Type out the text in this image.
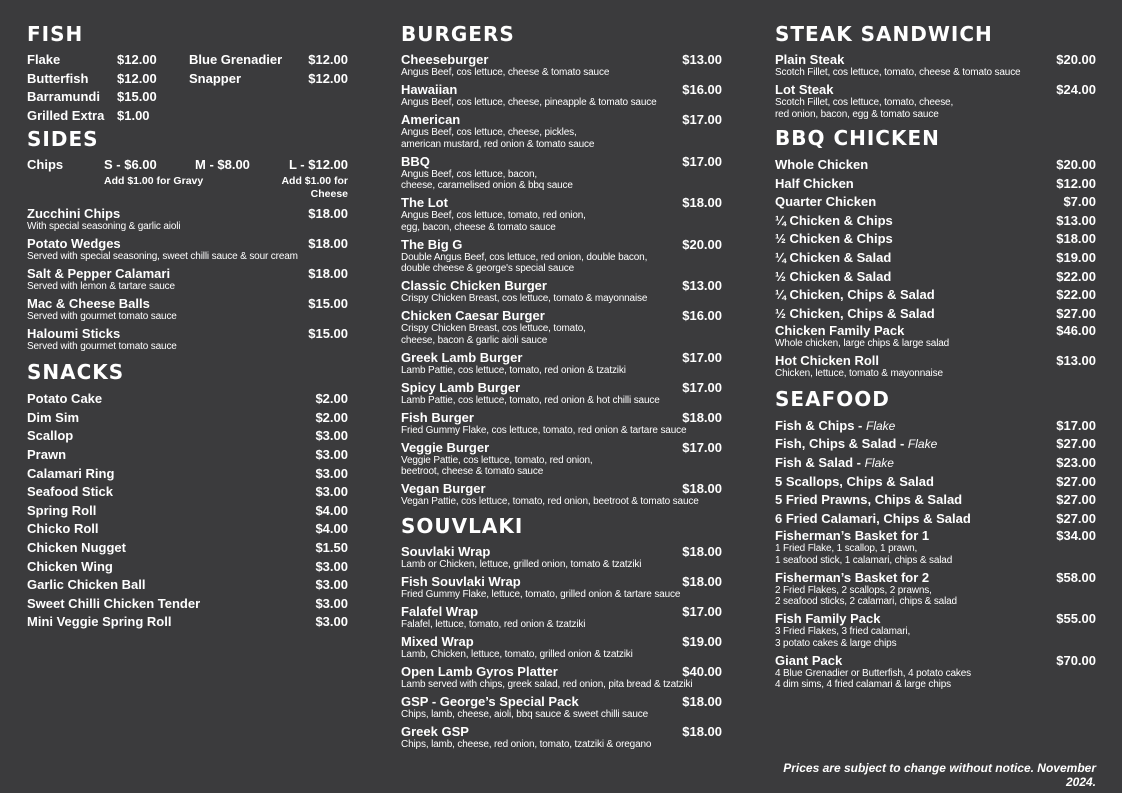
FISH
Flake	$12.00	Blue Grenadier	$12.00
Butterfish	$12.00	Snapper	$12.00
Barramundi	$15.00
Grilled Extra $1.00
SIDES
Chips	S - $6.00	M - $8.00	L - $12.00
Add $1.00 for Gravy	Add $1.00 for Cheese
Zucchini Chips	$18.00
With special seasoning & garlic aioli
Potato Wedges	$18.00
Served with special seasoning, sweet chilli sauce & sour cream
Salt & Pepper Calamari	$18.00
Served with lemon & tartare sauce
Mac & Cheese Balls	$15.00
Served with gourmet tomato sauce
Haloumi Sticks	$15.00
Served with gourmet tomato sauce
SNACKS
Potato Cake	$2.00
Dim Sim	$2.00
Scallop	$3.00
Prawn	$3.00
Calamari Ring	$3.00
Seafood Stick	$3.00
Spring Roll	$4.00
Chicko Roll	$4.00
Chicken Nugget	$1.50
Chicken Wing	$3.00
Garlic Chicken Ball	$3.00
Sweet Chilli Chicken Tender	$3.00
Mini Veggie Spring Roll	$3.00
BURGERS
Cheeseburger	$13.00
Angus Beef, cos lettuce, cheese & tomato sauce
Hawaiian	$16.00
Angus Beef, cos lettuce, cheese, pineapple & tomato sauce
American	$17.00
Angus Beef, cos lettuce, cheese, pickles,
american mustard, red onion & tomato sauce
BBQ	$17.00
Angus Beef, cos lettuce, bacon,
cheese, caramelised onion & bbq sauce
The Lot	$18.00
Angus Beef, cos lettuce, tomato, red onion,
egg, bacon, cheese & tomato sauce
The Big G	$20.00
Double Angus Beef, cos lettuce, red onion, double bacon,
double cheese & george's special sauce
Classic Chicken Burger	$13.00
Crispy Chicken Breast, cos lettuce, tomato & mayonnaise
Chicken Caesar Burger	$16.00
Crispy Chicken Breast, cos lettuce, tomato,
cheese, bacon & garlic aioli sauce
Greek Lamb Burger	$17.00
Lamb Pattie, cos lettuce, tomato, red onion & tzatziki
Spicy Lamb Burger	$17.00
Lamb Pattie, cos lettuce, tomato, red onion & hot chilli sauce
Fish Burger	$18.00
Fried Gummy Flake, cos lettuce, tomato, red onion & tartare sauce
Veggie Burger	$17.00
Veggie Pattie, cos lettuce, tomato, red onion,
beetroot, cheese & tomato sauce
Vegan Burger	$18.00
Vegan Pattie, cos lettuce, tomato, red onion, beetroot & tomato sauce
SOUVLAKI
Souvlaki Wrap	$18.00
Lamb or Chicken, lettuce, grilled onion, tomato & tzatziki
Fish Souvlaki Wrap	$18.00
Fried Gummy Flake, lettuce, tomato, grilled onion & tartare sauce
Falafel Wrap	$17.00
Falafel, lettuce, tomato, red onion & tzatziki
Mixed Wrap	$19.00
Lamb, Chicken, lettuce, tomato, grilled onion & tzatziki
Open Lamb Gyros Platter	$40.00
Lamb served with chips, greek salad, red onion, pita bread & tzatziki
GSP - George’s Special Pack	$18.00
Chips, lamb, cheese, aioli, bbq sauce & sweet chilli sauce
Greek GSP	$18.00
Chips, lamb, cheese, red onion, tomato, tzatziki & oregano
STEAK SANDWICH
Plain Steak	$20.00
Scotch Fillet, cos lettuce, tomato, cheese & tomato sauce
Lot Steak	$24.00
Scotch Fillet, cos lettuce, tomato, cheese,
red onion, bacon, egg & tomato sauce
BBQ CHICKEN
Whole Chicken	$20.00
Half Chicken	$12.00
Quarter Chicken	$7.00
¼ Chicken & Chips	$13.00
½ Chicken & Chips	$18.00
¼ Chicken & Salad	$19.00
½ Chicken & Salad	$22.00
¼ Chicken, Chips & Salad	$22.00
½ Chicken, Chips & Salad	$27.00
Chicken Family Pack	$46.00
Whole chicken, large chips & large salad
Hot Chicken Roll	$13.00
Chicken, lettuce, tomato & mayonnaise
SEAFOOD
Fish & Chips - Flake	$17.00
Fish, Chips & Salad - Flake	$27.00
Fish & Salad - Flake	$23.00
5 Scallops, Chips & Salad	$27.00
5 Fried Prawns, Chips & Salad	$27.00
6 Fried Calamari, Chips & Salad	$27.00
Fisherman’s Basket for 1	$34.00
1 Fried Flake, 1 scallop, 1 prawn,
1 seafood stick, 1 calamari, chips & salad
Fisherman’s Basket for 2	$58.00
2 Fried Flakes, 2 scallops, 2 prawns,
2 seafood sticks, 2 calamari, chips & salad
Fish Family Pack	$55.00
3 Fried Flakes, 3 fried calamari,
3 potato cakes & large chips
Giant Pack	$70.00
4 Blue Grenadier or Butterfish, 4 potato cakes
4 dim sims, 4 fried calamari & large chips
Prices are subject to change without notice. November 2024.
